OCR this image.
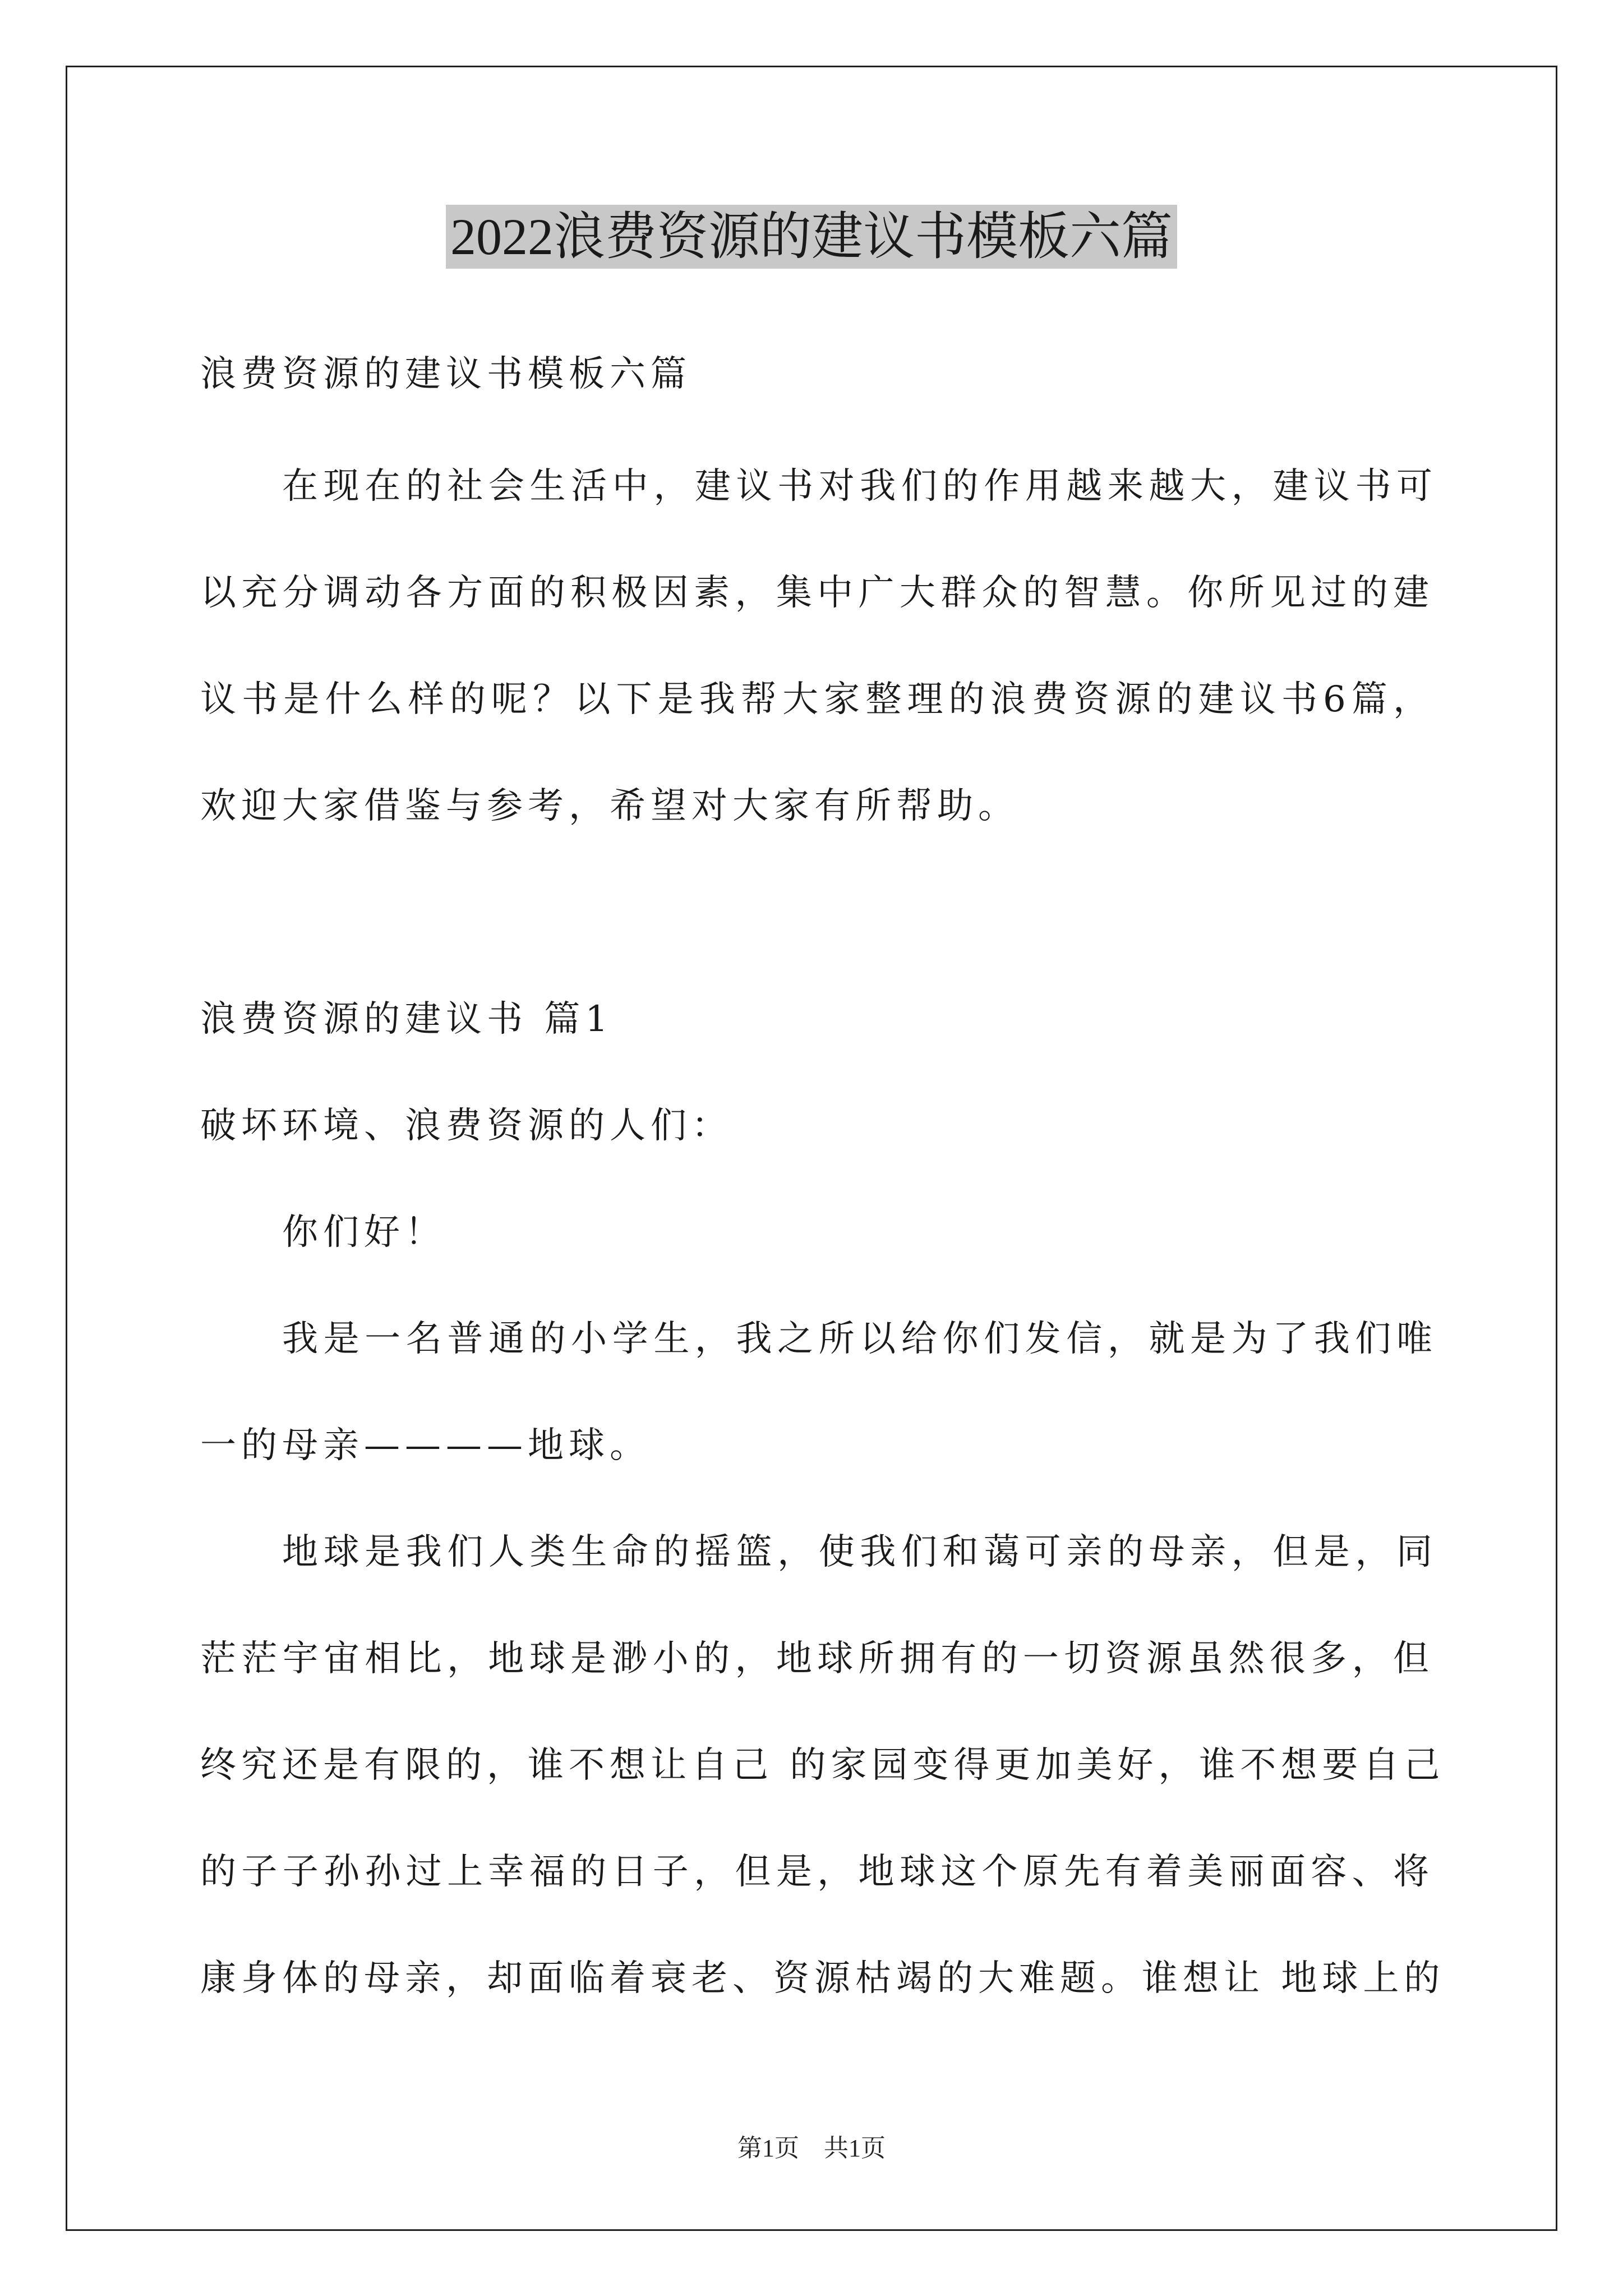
2022浪费资源的建议书模板六篇
浪费资源的建议书模板六篇
在现在的社会生活中，建议书对我们的作用越来越大，建议书可
以充分调动各方面的积极因素，集中广大群众的智慧。你所见过的建
议书是什么样的呢？以下是我帮大家整理的浪费资源的建议书6篇，
欢迎大家借鉴与参考，希望对大家有所帮助。
浪费资源的建议书 篇1
破坏环境、浪费资源的人们：
你们好！
我是一名普通的小学生，我之所以给你们发信，就是为了我们唯
一的母亲————地球。
地球是我们人类生命的摇篮，使我们和蔼可亲的母亲，但是，同
茫茫宇宙相比，地球是渺小的，地球所拥有的一切资源虽然很多，但
终究还是有限的，谁不想让自己 的家园变得更加美好，谁不想要自己
的子子孙孙过上幸福的日子，但是，地球这个原先有着美丽面容、将
康身体的母亲，却面临着衰老、资源枯竭的大难题。谁想让 地球上的
第1页　共1页
